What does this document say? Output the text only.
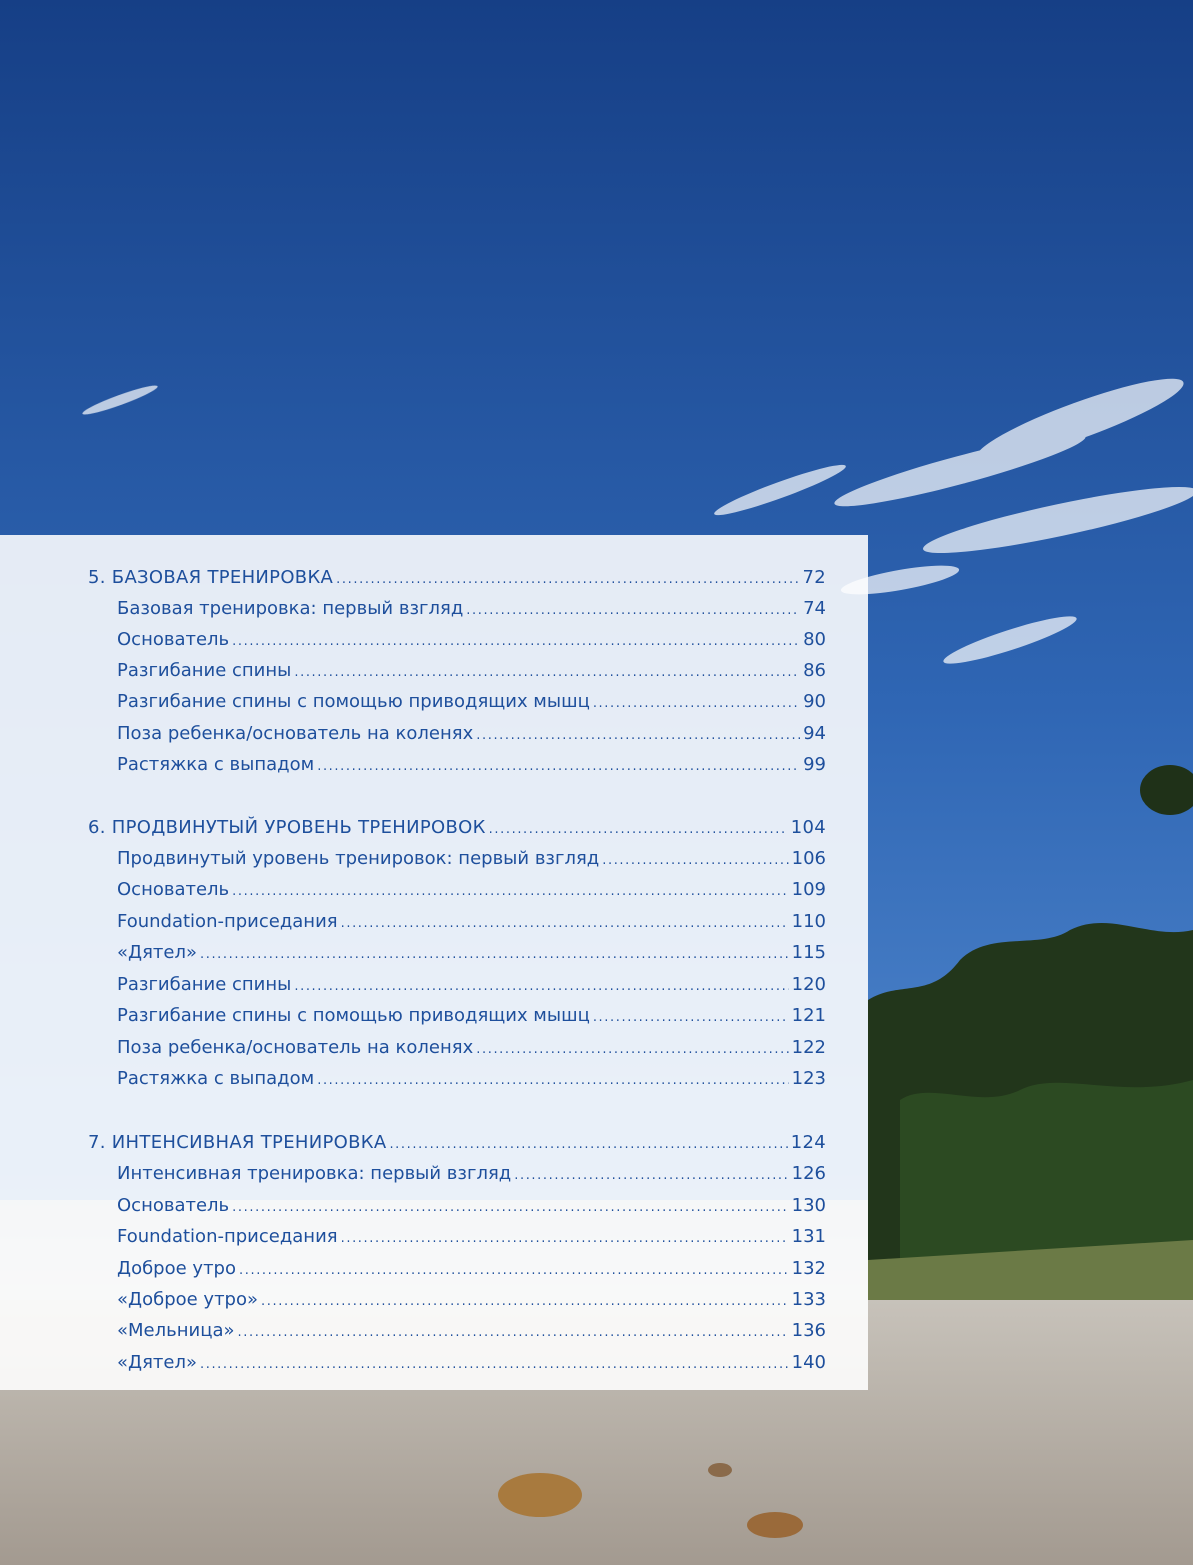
5. БАЗОВАЯ ТРЕНИРОВКА .....	72
Базовая тренировка: первый взгляд .....	74
Основатель .....	80
Разгибание спины .....	86
Разгибание спины с помощью приводящих мышц .....	90
Поза ребенка/основатель на коленях .....	94
Растяжка с выпадом .....	99
6. ПРОДВИНУТЫЙ УРОВЕНЬ ТРЕНИРОВОК .....	104
Продвинутый уровень тренировок: первый взгляд .....	106
Основатель .....	109
Foundation-приседания .....	110
«Дятел» .....	115
Разгибание спины .....	120
Разгибание спины с помощью приводящих мышц .....	121
Поза ребенка/основатель на коленях .....	122
Растяжка с выпадом .....	123
7. ИНТЕНСИВНАЯ ТРЕНИРОВКА .....	124
Интенсивная тренировка: первый взгляд .....	126
Основатель .....	130
Foundation-приседания .....	131
Доброе утро .....	132
«Доброе утро» .....	133
«Мельница» .....	136
«Дятел» .....	140
